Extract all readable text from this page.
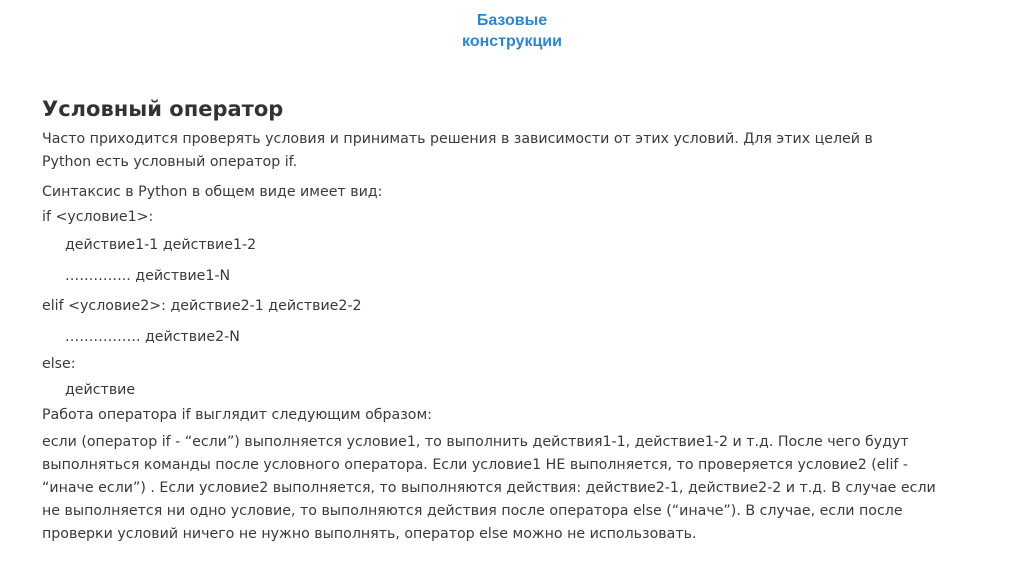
Базовые
конструкции
Условный оператор
Часто приходится проверять условия и принимать решения в зависимости от этих условий. Для этих целей в
Python есть условный оператор if.
Синтаксис в Python в общем виде имеет вид:
if <условие1>:
действие1-1 действие1-2
………….. действие1-N
elif <условие2>: действие2-1 действие2-2
……………. действие2-N
else:
действие
Работа оператора if выглядит следующим образом:
если (оператор if - “если”) выполняется условие1, то выполнить действия1-1, действие1-2 и т.д. После чего будут
выполняться команды после условного оператора. Если условие1 НЕ выполняется, то проверяется условие2 (elif -
“иначе если”) . Если условие2 выполняется, то выполняются действия: действие2-1, действие2-2 и т.д. В случае если
не выполняется ни одно условие, то выполняются действия после оператора else (“иначе”). В случае, если после
проверки условий ничего не нужно выполнять, оператор else можно не использовать.
